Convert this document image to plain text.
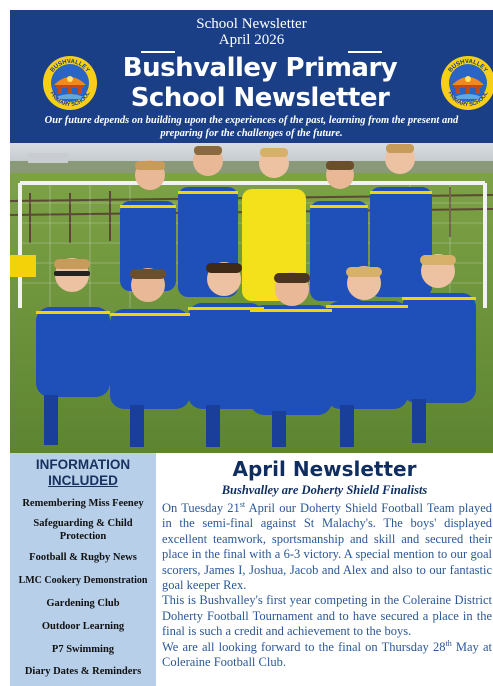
School Newsletter
April 2026
Bushvalley Primary
School Newsletter
Our future depends on building upon the experiences of the past, learning from the present and
preparing for the challenges of the future.
BUSHVALLEY
PRIMARY SCHOOL
BUSHVALLEY
PRIMARY SCHOOL
INFORMATION
INCLUDED
Remembering Miss Feeney
Safeguarding & Child
Protection
Football & Rugby News
LMC Cookery Demonstration
Gardening Club
Outdoor Learning
P7 Swimming
Diary Dates & Reminders
April Newsletter
Bushvalley are Doherty Shield Finalists

On Tuesday 21st April our Doherty Shield Football Team played in the semi-final against St Malachy's. The boys' displayed excellent teamwork, sportsmanship and skill and secured their place in the final with a 6-3 victory. A special mention to our goal scorers, James I, Joshua, Jacob and Alex and also to our fantastic goal keeper Rex.

This is Bushvalley's first year competing in the Coleraine District Doherty Football Tournament and to have secured a place in the final is such a credit and achievement to the boys.

We are all looking forward to the final on Thursday 28th May at Coleraine Football Club.
